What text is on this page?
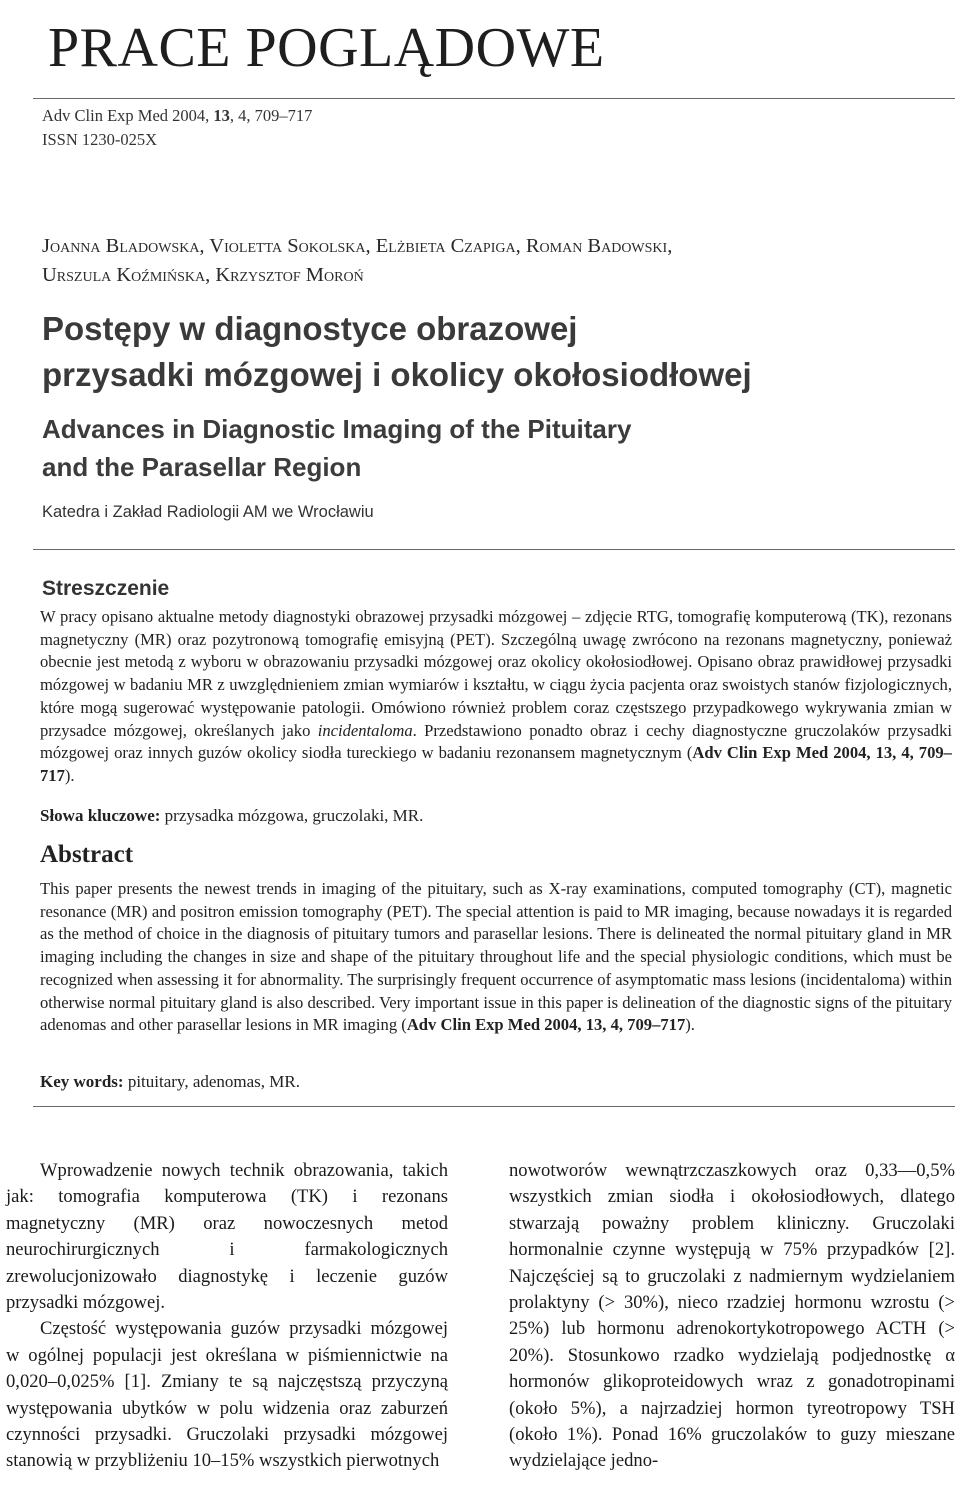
PRACE POGLĄDOWE
Adv Clin Exp Med 2004, 13, 4, 709–717
ISSN 1230-025X
Joanna Bladowska, Violetta Sokolska, Elżbieta Czapiga, Roman Badowski,
Urszula Koźmińska, Krzysztof Moroń
Postępy w diagnostyce obrazowej
przysadki mózgowej i okolicy okołosiodłowej
Advances in Diagnostic Imaging of the Pituitary
and the Parasellar Region
Katedra i Zakład Radiologii AM we Wrocławiu
Streszczenie

W pracy opisano aktualne metody diagnostyki obrazowej przysadki mózgowej – zdjęcie RTG, tomografię komputerową (TK), rezonans magnetyczny (MR) oraz pozytronową tomografię emisyjną (PET). Szczególną uwagę zwrócono na rezonans magnetyczny, ponieważ obecnie jest metodą z wyboru w obrazowaniu przysadki mózgowej oraz okolicy okołosiodłowej. Opisano obraz prawidłowej przysadki mózgowej w badaniu MR z uwzględnieniem zmian wymiarów i kształtu, w ciągu życia pacjenta oraz swoistych stanów fizjologicznych, które mogą sugerować występowanie patologii. Omówiono również problem coraz częstszego przypadkowego wykrywania zmian w przysadce mózgowej, określanych jako incidentaloma. Przedstawiono ponadto obraz i cechy diagnostyczne gruczolaków przysadki mózgowej oraz innych guzów okolicy siodła tureckiego w badaniu rezonansem magnetycznym (Adv Clin Exp Med 2004, 13, 4, 709–717).

Słowa kluczowe: przysadka mózgowa, gruczolaki, MR.
Abstract

This paper presents the newest trends in imaging of the pituitary, such as X-ray examinations, computed tomography (CT), magnetic resonance (MR) and positron emission tomography (PET). The special attention is paid to MR imaging, because nowadays it is regarded as the method of choice in the diagnosis of pituitary tumors and parasellar lesions. There is delineated the normal pituitary gland in MR imaging including the changes in size and shape of the pituitary throughout life and the special physiologic conditions, which must be recognized when assessing it for abnormality. The surprisingly frequent occurrence of asymptomatic mass lesions (incidentaloma) within otherwise normal pituitary gland is also described. Very important issue in this paper is delineation of the diagnostic signs of the pituitary adenomas and other parasellar lesions in MR imaging (Adv Clin Exp Med 2004, 13, 4, 709–717).

Key words: pituitary, adenomas, MR.

Wprowadzenie nowych technik obrazowania, takich jak: tomografia komputerowa (TK) i rezonans magnetyczny (MR) oraz nowoczesnych metod neurochirurgicznych i farmakologicznych zrewolucjonizowało diagnostykę i leczenie guzów przysadki mózgowej.

Częstość występowania guzów przysadki mózgowej w ogólnej populacji jest określana w piśmiennictwie na 0,020–0,025% [1]. Zmiany te są najczęstszą przyczyną występowania ubytków w polu widzenia oraz zaburzeń czynności przysadki. Gruczolaki przysadki mózgowej stanowią w przybliżeniu 10–15% wszystkich pierwotnych

nowotworów wewnątrzczaszkowych oraz 0,33––0,5% wszystkich zmian siodła i okołosiodłowych, dlatego stwarzają poważny problem kliniczny. Gruczolaki hormonalnie czynne występują w 75% przypadków [2]. Najczęściej są to gruczolaki z nadmiernym wydzielaniem prolaktyny (> 30%), nieco rzadziej hormonu wzrostu (> 25%) lub hormonu adrenokortykotropowego ACTH (> 20%). Stosunkowo rzadko wydzielają podjednostkę α hormonów glikoproteidowych wraz z gonadotropinami (około 5%), a najrzadziej hormon tyreotropowy TSH (około 1%). Ponad 16% gruczolaków to guzy mieszane wydzielające jedno-
